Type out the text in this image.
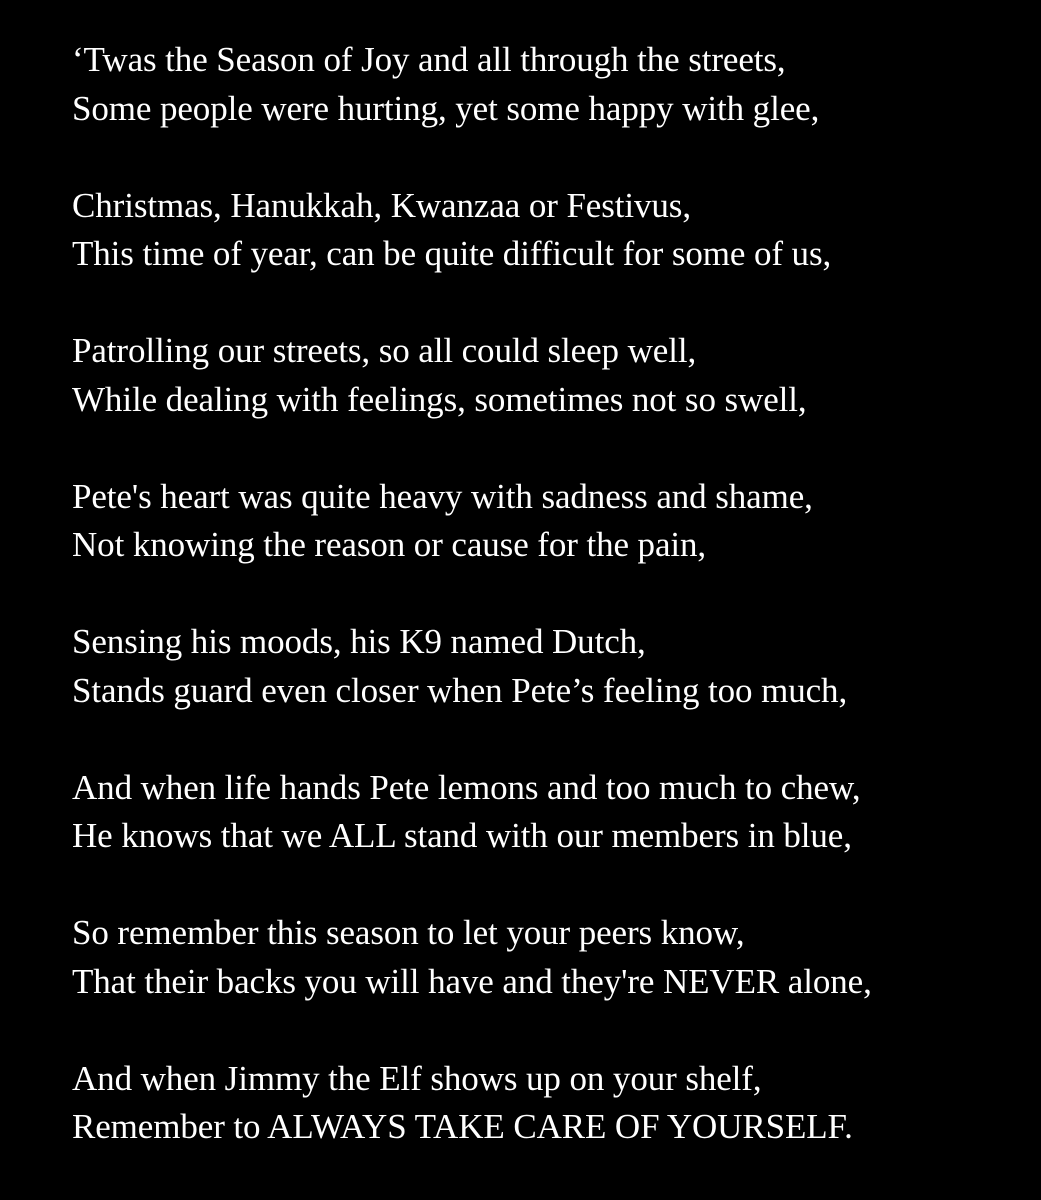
‘Twas the Season of Joy and all through the streets,
Some people were hurting, yet some happy with glee,
Christmas, Hanukkah, Kwanzaa or Festivus,
This time of year, can be quite difficult for some of us,
Patrolling our streets, so all could sleep well,
While dealing with feelings, sometimes not so swell,
Pete's heart was quite heavy with sadness and shame,
Not knowing the reason or cause for the pain,
Sensing his moods, his K9 named Dutch,
Stands guard even closer when Pete’s feeling too much,
And when life hands Pete lemons and too much to chew,
He knows that we ALL stand with our members in blue,
So remember this season to let your peers know,
That their backs you will have and they're NEVER alone,
And when Jimmy the Elf shows up on your shelf,
Remember to ALWAYS TAKE CARE OF YOURSELF.
